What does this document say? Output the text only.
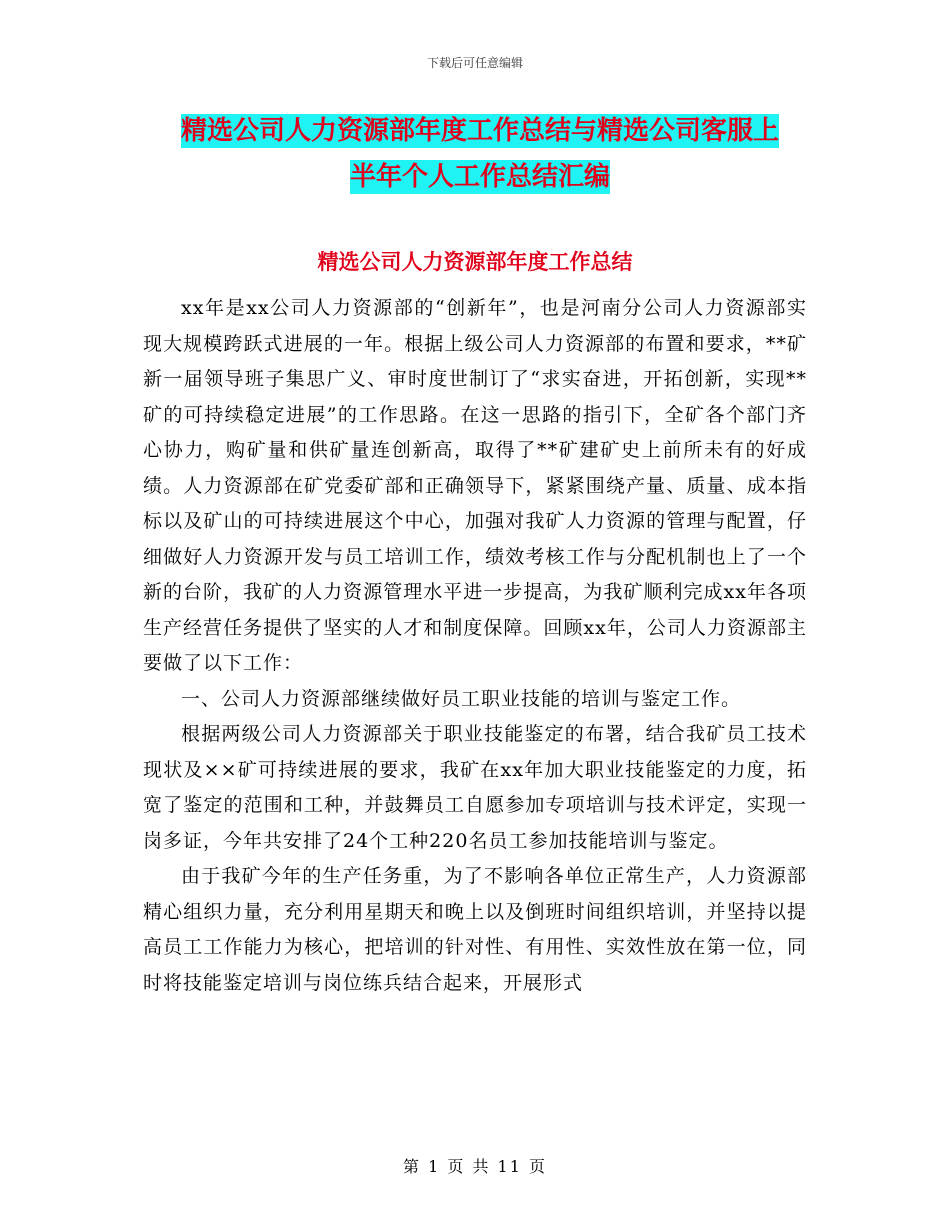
下载后可任意编辑
精选公司人力资源部年度工作总结与精选公司客服上
半年个人工作总结汇编
精选公司人力资源部年度工作总结

xx年是xx公司人力资源部的“创新年”，也是河南分公司人力资源部实现大规模跨跃式进展的一年。根据上级公司人力资源部的布置和要求，**矿新一届领导班子集思广义、审时度世制订了“求实奋进，开拓创新，实现**矿的可持续稳定进展”的工作思路。在这一思路的指引下，全矿各个部门齐心协力，购矿量和供矿量连创新高，取得了**矿建矿史上前所未有的好成绩。人力资源部在矿党委矿部和正确领导下，紧紧围绕产量、质量、成本指标以及矿山的可持续进展这个中心，加强对我矿人力资源的管理与配置，仔细做好人力资源开发与员工培训工作，绩效考核工作与分配机制也上了一个新的台阶，我矿的人力资源管理水平进一步提高，为我矿顺利完成xx年各项生产经营任务提供了坚实的人才和制度保障。回顾xx年，公司人力资源部主要做了以下工作：

一、公司人力资源部继续做好员工职业技能的培训与鉴定工作。

根据两级公司人力资源部关于职业技能鉴定的布署，结合我矿员工技术现状及××矿可持续进展的要求，我矿在xx年加大职业技能鉴定的力度，拓宽了鉴定的范围和工种，并鼓舞员工自愿参加专项培训与技术评定，实现一岗多证，今年共安排了24个工种220名员工参加技能培训与鉴定。

由于我矿今年的生产任务重，为了不影响各单位正常生产，人力资源部精心组织力量，充分利用星期天和晚上以及倒班时间组织培训，并坚持以提高员工工作能力为核心，把培训的针对性、有用性、实效性放在第一位，同时将技能鉴定培训与岗位练兵结合起来，开展形式

第 1 页 共 11 页
